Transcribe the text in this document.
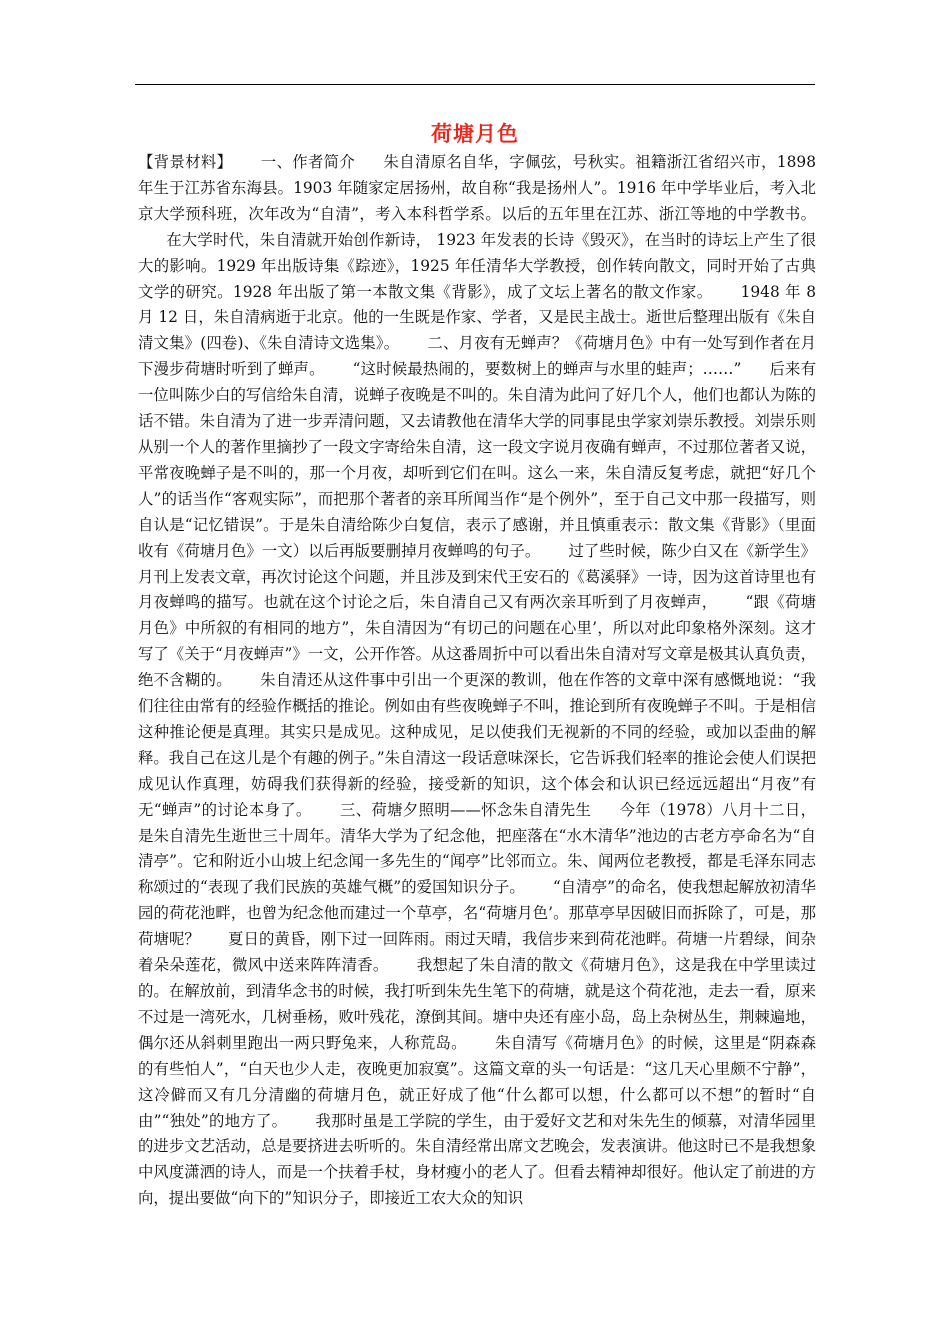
荷塘月色

【背景材料】 一、作者简介 朱自清原名自华，字佩弦，号秋实。祖籍浙江省绍兴市，1898年生于江苏省东海县。1903 年随家定居扬州，故自称“我是扬州人”。1916 年中学毕业后，考入北京大学预科班，次年改为“自清”，考入本科哲学系。以后的五年里在江苏、浙江等地的中学教书。在大学时代，朱自清就开始创作新诗， 1923 年发表的长诗《毁灭》，在当时的诗坛上产生了很大的影响。1929 年出版诗集《踪迹》，1925 年任清华大学教授，创作转向散文，同时开始了古典文学的研究。1928 年出版了第一本散文集《背影》，成了文坛上著名的散文作家。 1948 年 8 月 12 日，朱自清病逝于北京。他的一生既是作家、学者，又是民主战士。逝世后整理出版有《朱自清文集》(四卷)、《朱自清诗文选集》。 二、月夜有无蝉声？《荷塘月色》中有一处写到作者在月下漫步荷塘时听到了蝉声。 “这时候最热闹的，要数树上的蝉声与水里的蛙声；……” 后来有一位叫陈少白的写信给朱自清，说蝉子夜晚是不叫的。朱自清为此问了好几个人，他们也都认为陈的话不错。朱自清为了进一步弄清问题，又去请教他在清华大学的同事昆虫学家刘崇乐教授。刘崇乐则从别一个人的著作里摘抄了一段文字寄给朱自清，这一段文字说月夜确有蝉声，不过那位著者又说，平常夜晚蝉子是不叫的，那一个月夜，却听到它们在叫。这么一来，朱自清反复考虑，就把“好几个人”的话当作“客观实际”，而把那个著者的亲耳所闻当作“是个例外”，至于自己文中那一段描写，则自认是“记忆错误”。于是朱自清给陈少白复信，表示了感谢，并且慎重表示：散文集《背影》（里面收有《荷塘月色》一文）以后再版要删掉月夜蝉鸣的句子。 过了些时候，陈少白又在《新学生》月刊上发表文章，再次讨论这个问题，并且涉及到宋代王安石的《葛溪驿》一诗，因为这首诗里也有月夜蝉鸣的描写。也就在这个讨论之后，朱自清自己又有两次亲耳听到了月夜蝉声， “跟《荷塘月色》中所叙的有相同的地方”，朱自清因为“有切己的问题在心里’，所以对此印象格外深刻。这才写了《关于“月夜蝉声”》一文，公开作答。从这番周折中可以看出朱自清对写文章是极其认真负责，绝不含糊的。 朱自清还从这件事中引出一个更深的教训，他在作答的文章中深有感慨地说：“我们往往由常有的经验作概括的推论。例如由有些夜晚蝉子不叫，推论到所有夜晚蝉子不叫。于是相信这种推论便是真理。其实只是成见。这种成见，足以使我们无视新的不同的经验，或加以歪曲的解释。我自己在这儿是个有趣的例子。”朱自清这一段话意味深长，它告诉我们轻率的推论会使人们误把成见认作真理，妨碍我们获得新的经验，接受新的知识，这个体会和认识已经远远超出“月夜”有无“蝉声”的讨论本身了。 三、荷塘夕照明——怀念朱自清先生 今年（1978）八月十二日，是朱自清先生逝世三十周年。清华大学为了纪念他，把座落在“水木清华”池边的古老方亭命名为“自清亭”。它和附近小山坡上纪念闻一多先生的“闻亭”比邻而立。朱、闻两位老教授，都是毛泽东同志称颂过的“表现了我们民族的英雄气概”的爱国知识分子。 “自清亭”的命名，使我想起解放初清华园的荷花池畔，也曾为纪念他而建过一个草亭，名“荷塘月色’。那草亭早因破旧而拆除了，可是，那荷塘呢？ 夏日的黄昏，刚下过一回阵雨。雨过天晴，我信步来到荷花池畔。荷塘一片碧绿，间杂着朵朵莲花，微风中送来阵阵清香。 我想起了朱自清的散文《荷塘月色》，这是我在中学里读过的。在解放前，到清华念书的时候，我打听到朱先生笔下的荷塘，就是这个荷花池，走去一看，原来不过是一湾死水，几树垂杨，败叶残花，潦倒其间。塘中央还有座小岛，岛上杂树丛生，荆棘遍地，偶尔还从斜刺里跑出一两只野兔来，人称荒岛。 朱自清写《荷塘月色》的时候，这里是“阴森森的有些怕人”，“白天也少人走，夜晚更加寂寞”。这篇文章的头一句话是：“这几天心里颇不宁静”，这冷僻而又有几分清幽的荷塘月色，就正好成了他“什么都可以想，什么都可以不想”的暂时“自由”“独处”的地方了。 我那时虽是工学院的学生，由于爱好文艺和对朱先生的倾慕，对清华园里的进步文艺活动，总是要挤进去听听的。朱自清经常出席文艺晚会，发表演讲。他这时已不是我想象中风度潇洒的诗人，而是一个扶着手杖，身材瘦小的老人了。但看去精神却很好。他认定了前进的方向，提出要做“向下的”知识分子，即接近工农大众的知识
